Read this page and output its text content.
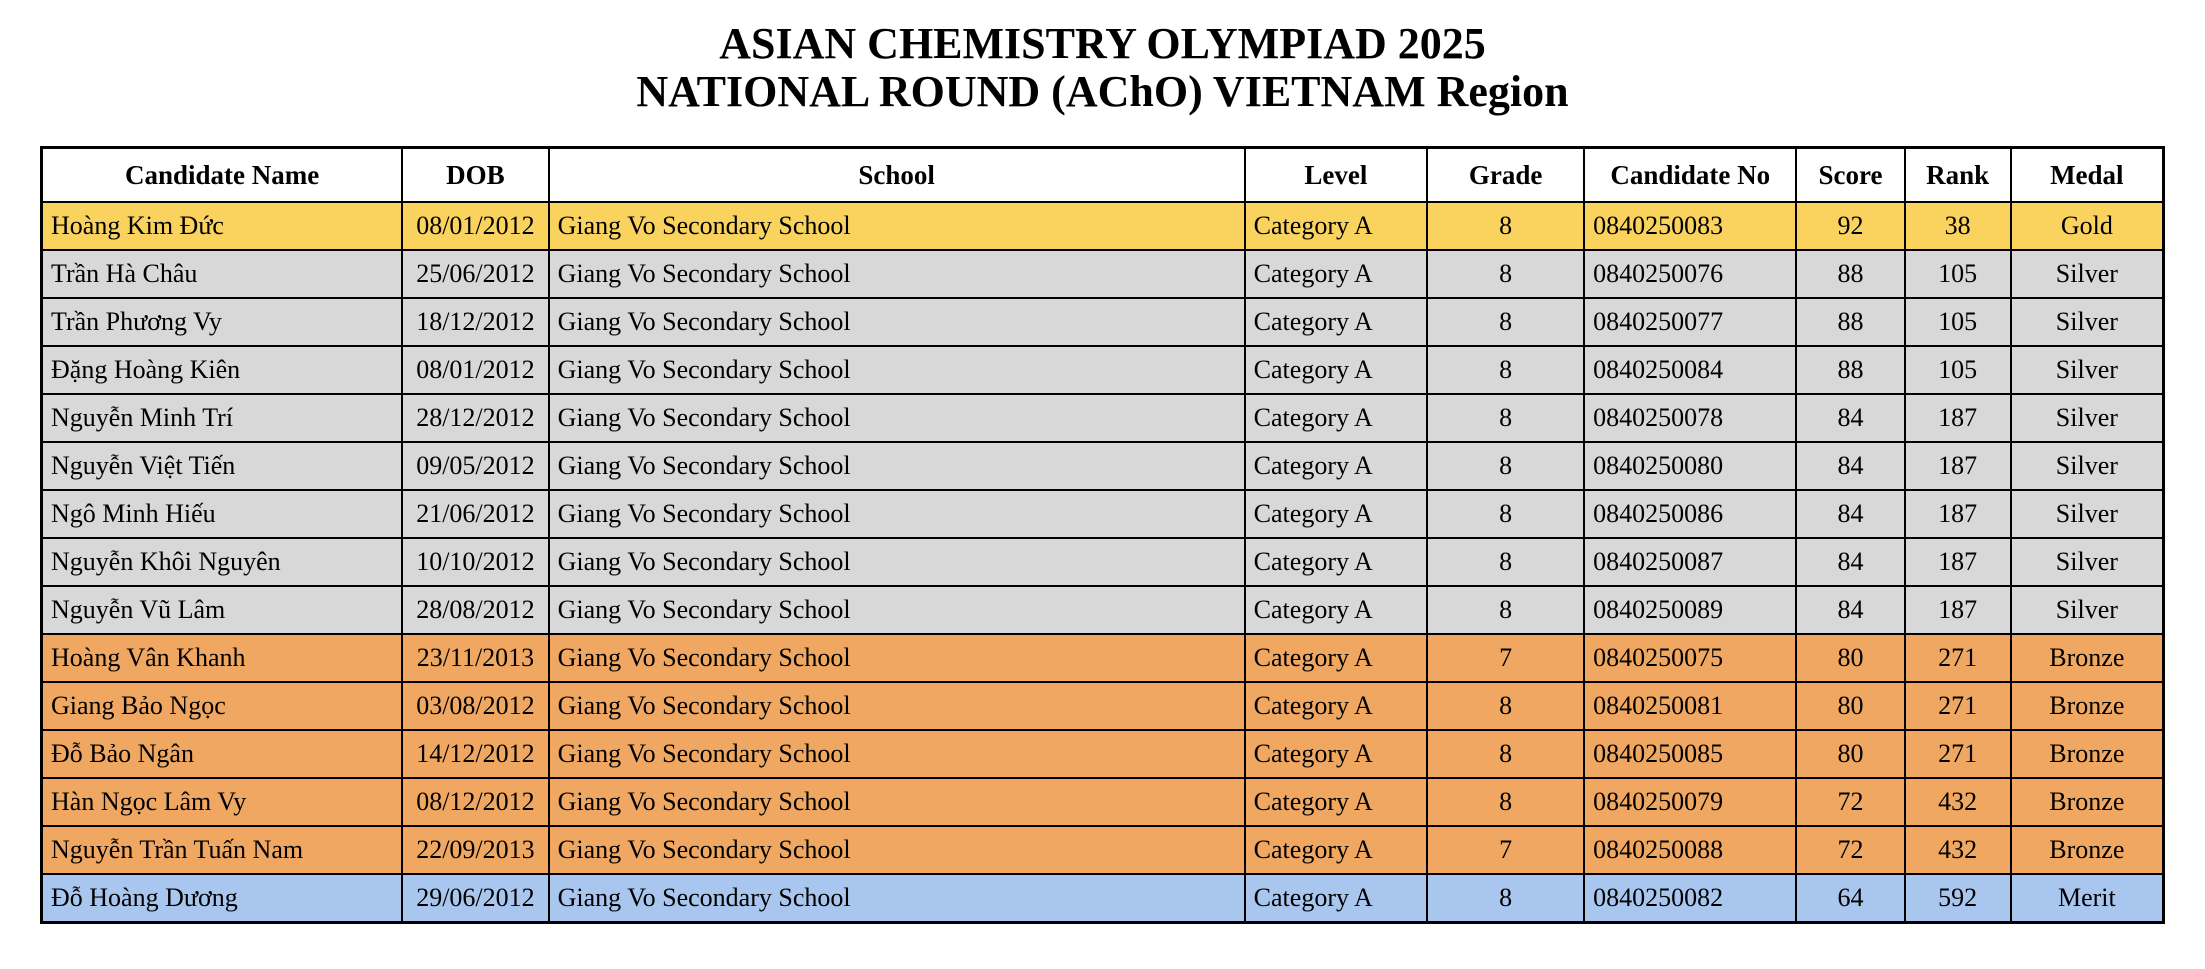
ASIAN CHEMISTRY OLYMPIAD 2025
NATIONAL ROUND (AChO) VIETNAM Region
Candidate Name	DOB	School	Level	Grade	Candidate No	Score	Rank	Medal
Hoàng Kim Đức	08/01/2012	Giang Vo Secondary School	Category A	8	0840250083	92	38	Gold
Trần Hà Châu	25/06/2012	Giang Vo Secondary School	Category A	8	0840250076	88	105	Silver
Trần Phương Vy	18/12/2012	Giang Vo Secondary School	Category A	8	0840250077	88	105	Silver
Đặng Hoàng Kiên	08/01/2012	Giang Vo Secondary School	Category A	8	0840250084	88	105	Silver
Nguyễn Minh Trí	28/12/2012	Giang Vo Secondary School	Category A	8	0840250078	84	187	Silver
Nguyễn Việt Tiến	09/05/2012	Giang Vo Secondary School	Category A	8	0840250080	84	187	Silver
Ngô Minh Hiếu	21/06/2012	Giang Vo Secondary School	Category A	8	0840250086	84	187	Silver
Nguyễn Khôi Nguyên	10/10/2012	Giang Vo Secondary School	Category A	8	0840250087	84	187	Silver
Nguyễn Vũ Lâm	28/08/2012	Giang Vo Secondary School	Category A	8	0840250089	84	187	Silver
Hoàng Vân Khanh	23/11/2013	Giang Vo Secondary School	Category A	7	0840250075	80	271	Bronze
Giang Bảo Ngọc	03/08/2012	Giang Vo Secondary School	Category A	8	0840250081	80	271	Bronze
Đỗ Bảo Ngân	14/12/2012	Giang Vo Secondary School	Category A	8	0840250085	80	271	Bronze
Hàn Ngọc Lâm Vy	08/12/2012	Giang Vo Secondary School	Category A	8	0840250079	72	432	Bronze
Nguyễn Trần Tuấn Nam	22/09/2013	Giang Vo Secondary School	Category A	7	0840250088	72	432	Bronze
Đỗ Hoàng Dương	29/06/2012	Giang Vo Secondary School	Category A	8	0840250082	64	592	Merit
